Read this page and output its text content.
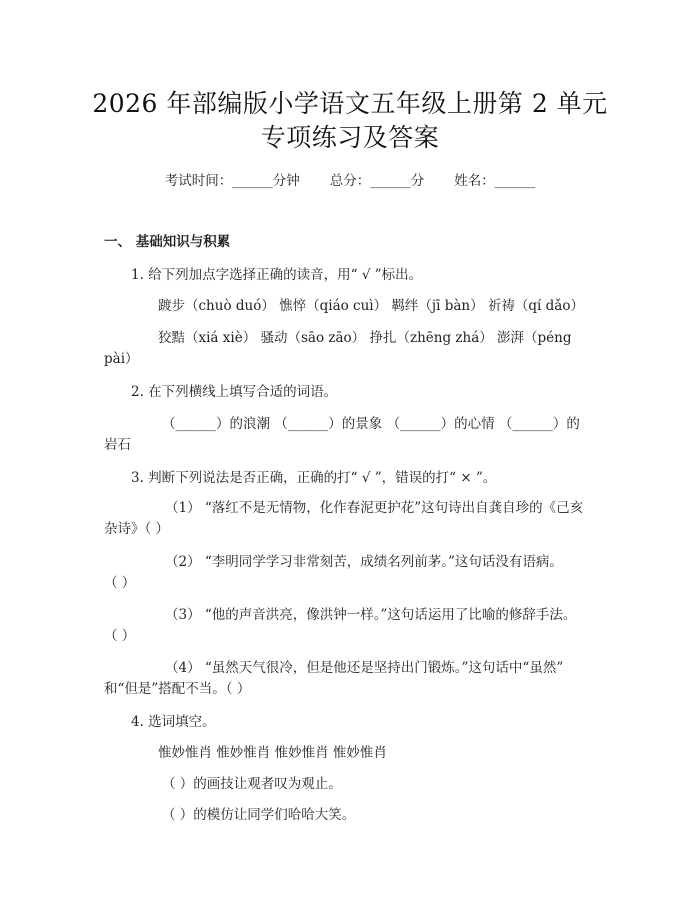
2026 年部编版小学语文五年级上册第 2 单元
专项练习及答案
考试时间：______分钟 总分：______分 姓名：______
一、 基础知识与积累
1. 给下列加点字选择正确的读音，用“ √ ”标出。
踱步（chuò duó） 憔悴（qiáo cuì） 羁绊（jī bàn） 祈祷（qí dǎo）
狡黠（xiá xiè） 骚动（sāo zāo） 挣扎（zhēng zhá） 澎湃（péng
pài）
2. 在下列横线上填写合适的词语。
（______）的浪潮 （______）的景象 （______）的心情 （______）的
岩石
3. 判断下列说法是否正确，正确的打“ √ ”，错误的打“ × ”。
（1） “落红不是无情物，化作春泥更护花”这句诗出自龚自珍的《己亥
杂诗》（ ）
（2） “李明同学学习非常刻苦，成绩名列前茅。”这句话没有语病。
（ ）
（3） “他的声音洪亮，像洪钟一样。”这句话运用了比喻的修辞手法。
（ ）
（4） “虽然天气很冷，但是他还是坚持出门锻炼。”这句话中“虽然”
和“但是”搭配不当。（ ）
4. 选词填空。
惟妙惟肖 惟妙惟肖 惟妙惟肖 惟妙惟肖
（ ）的画技让观者叹为观止。
（ ）的模仿让同学们哈哈大笑。
